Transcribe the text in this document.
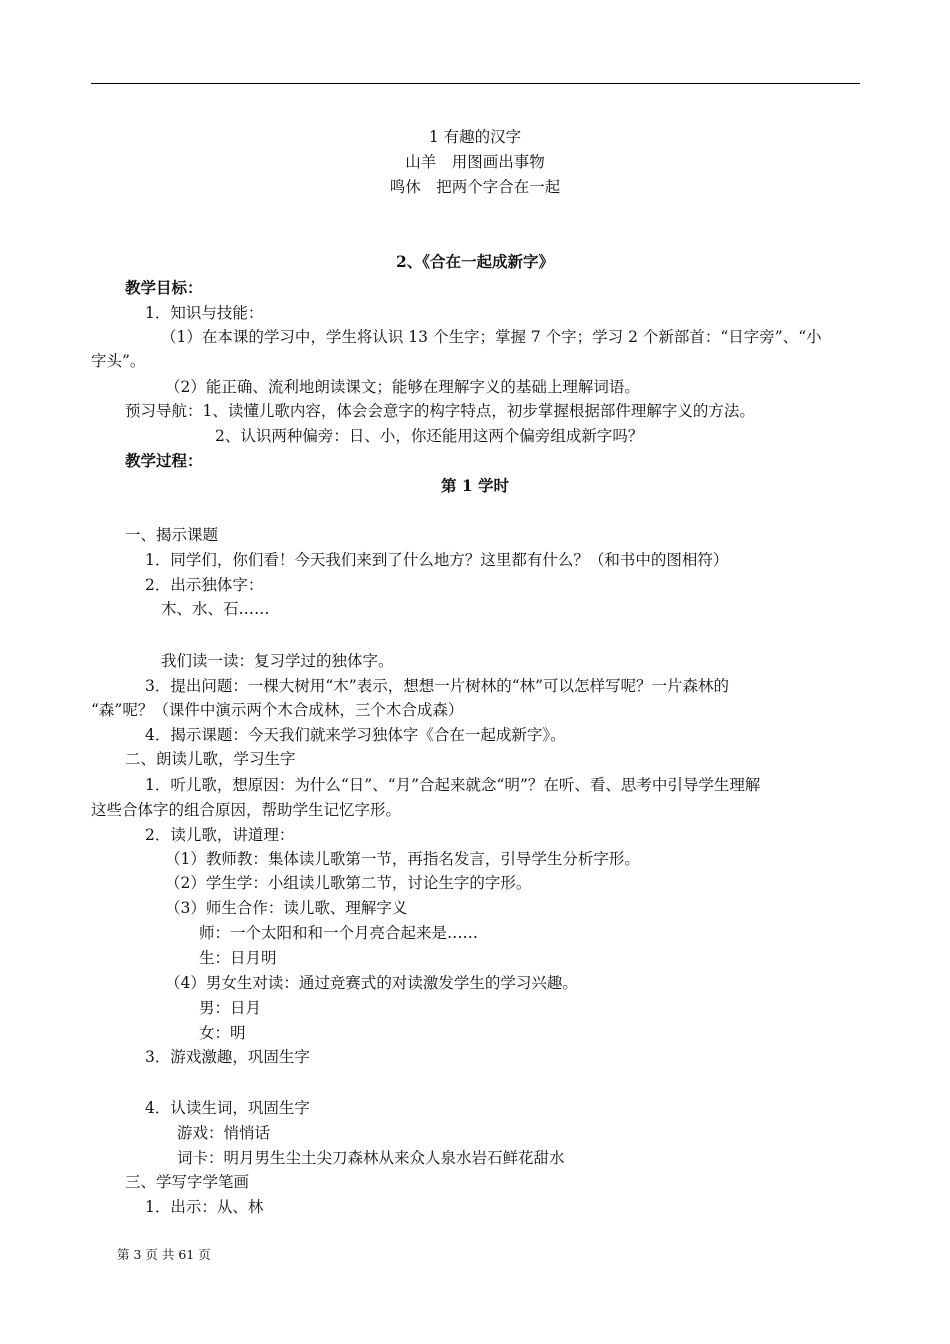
1 有趣的汉字
山羊　用图画出事物
鸣休　把两个字合在一起
2、《合在一起成新字》
教学目标：
1．知识与技能：
（1）在本课的学习中，学生将认识 13 个生字；掌握 7 个字；学习 2 个新部首：“日字旁”、“小
字头”。
（2）能正确、流利地朗读课文；能够在理解字义的基础上理解词语。
预习导航：1、读懂儿歌内容，体会会意字的构字特点，初步掌握根据部件理解字义的方法。
2、认识两种偏旁：日、小，你还能用这两个偏旁组成新字吗？
教学过程：
第 1 学时
一、揭示课题
1．同学们，你们看！今天我们来到了什么地方？这里都有什么？（和书中的图相符）
2．出示独体字：
木、水、石……
我们读一读：复习学过的独体字。
3．提出问题：一棵大树用“木”表示，想想一片树林的“林”可以怎样写呢？一片森林的
“森”呢？（课件中演示两个木合成林，三个木合成森）
4．揭示课题：今天我们就来学习独体字《合在一起成新字》。
二、朗读儿歌，学习生字
1．听儿歌，想原因：为什么“日”、“月”合起来就念“明”？在听、看、思考中引导学生理解
这些合体字的组合原因，帮助学生记忆字形。
2．读儿歌，讲道理：
（1）教师教：集体读儿歌第一节，再指名发言，引导学生分析字形。
（2）学生学：小组读儿歌第二节，讨论生字的字形。
（3）师生合作：读儿歌、理解字义
师：一个太阳和和一个月亮合起来是……
生：日月明
（4）男女生对读：通过竞赛式的对读激发学生的学习兴趣。
男：日月
女：明
3．游戏激趣，巩固生字
4．认读生词，巩固生字
游戏：悄悄话
词卡：明月男生尘土尖刀森林从来众人泉水岩石鲜花甜水
三、学写字学笔画
1．出示：从、林
第 3 页 共 61 页
